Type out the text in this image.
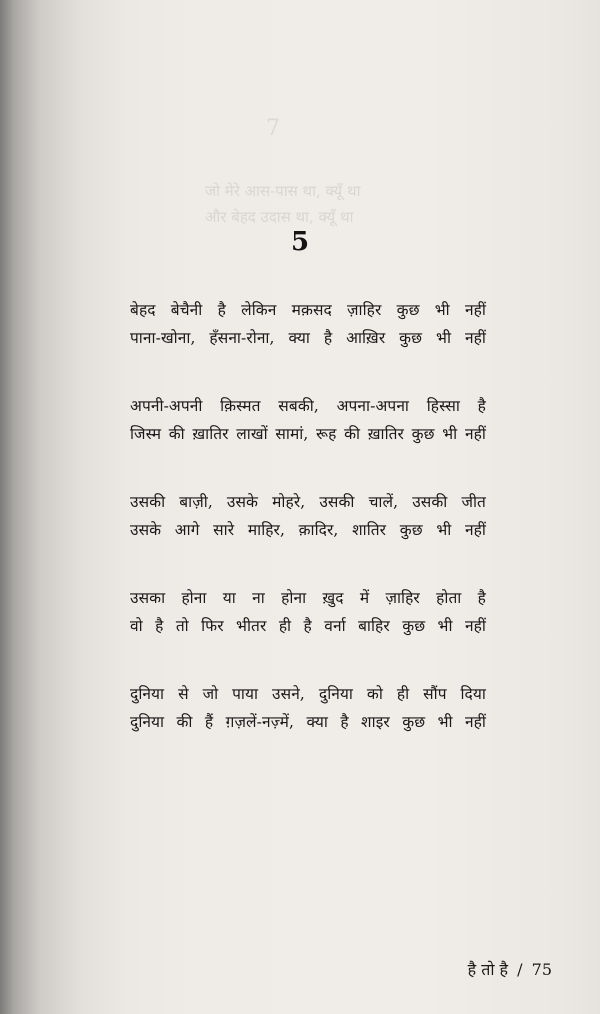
7
जो मेरे आस-पास था, क्यूँ था
और बेहद उदास था, क्यूँ था
5
बेहद बेचैनी है लेकिन मक़सद ज़ाहिर कुछ भी नहीं
पाना-खोना, हँसना-रोना, क्या है आख़िर कुछ भी नहीं
अपनी-अपनी क़िस्मत सबकी, अपना-अपना हिस्सा है
जिस्म की ख़ातिर लाखों सामां, रूह की ख़ातिर कुछ भी नहीं
उसकी बाज़ी, उसके मोहरे, उसकी चालें, उसकी जीत
उसके आगे सारे माहिर, क़ादिर, शातिर कुछ भी नहीं
उसका होना या ना होना ख़ुद में ज़ाहिर होता है
वो है तो फिर भीतर ही है वर्ना बाहिर कुछ भी नहीं
दुनिया से जो पाया उसने, दुनिया को ही सौंप दिया
दुनिया की हैं ग़ज़लें-नज़्में, क्या है शाइर कुछ भी नहीं
है तो है / 75
